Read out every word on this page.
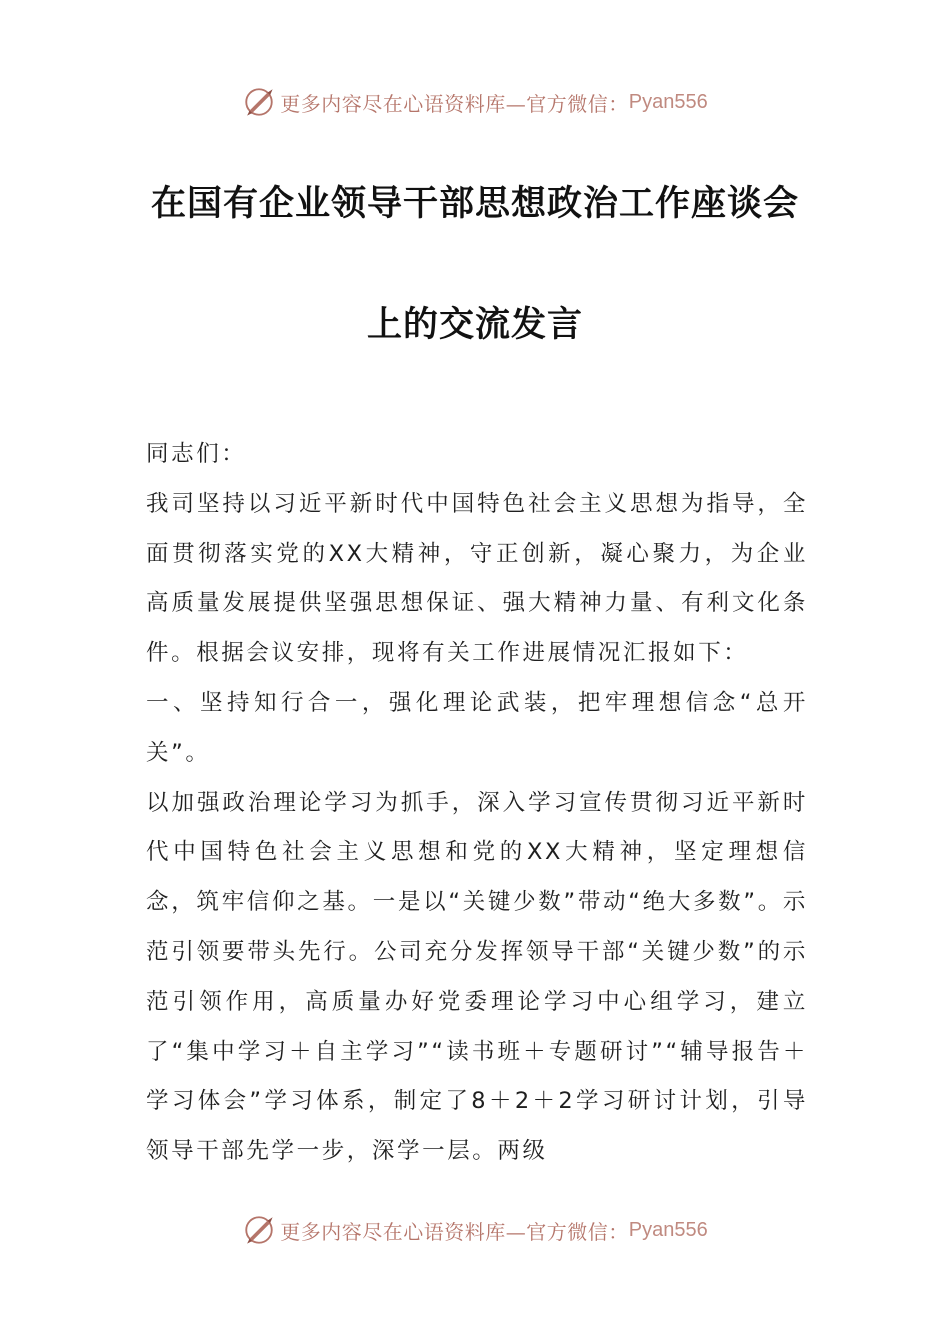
更多内容尽在心语资料库—官方微信： Pyan556
在国有企业领导干部思想政治工作座谈会
上的交流发言

同志们：

我司坚持以习近平新时代中国特色社会主义思想为指导，全面贯彻落实党的XX大精神，守正创新，凝心聚力，为企业高质量发展提供坚强思想保证、强大精神力量、有利文化条件。根据会议安排，现将有关工作进展情况汇报如下：

一、坚持知行合一，强化理论武装，把牢理想信念“总开关”。

以加强政治理论学习为抓手，深入学习宣传贯彻习近平新时代中国特色社会主义思想和党的XX大精神，坚定理想信念，筑牢信仰之基。一是以“关键少数”带动“绝大多数”。示范引领要带头先行。公司充分发挥领导干部“关键少数”的示范引领作用，高质量办好党委理论学习中心组学习，建立了“集中学习＋自主学习”“读书班＋专题研讨”“辅导报告＋学习体会”学习体系，制定了8＋2＋2学习研讨计划，引导领导干部先学一步，深学一层。两级

更多内容尽在心语资料库—官方微信： Pyan556
